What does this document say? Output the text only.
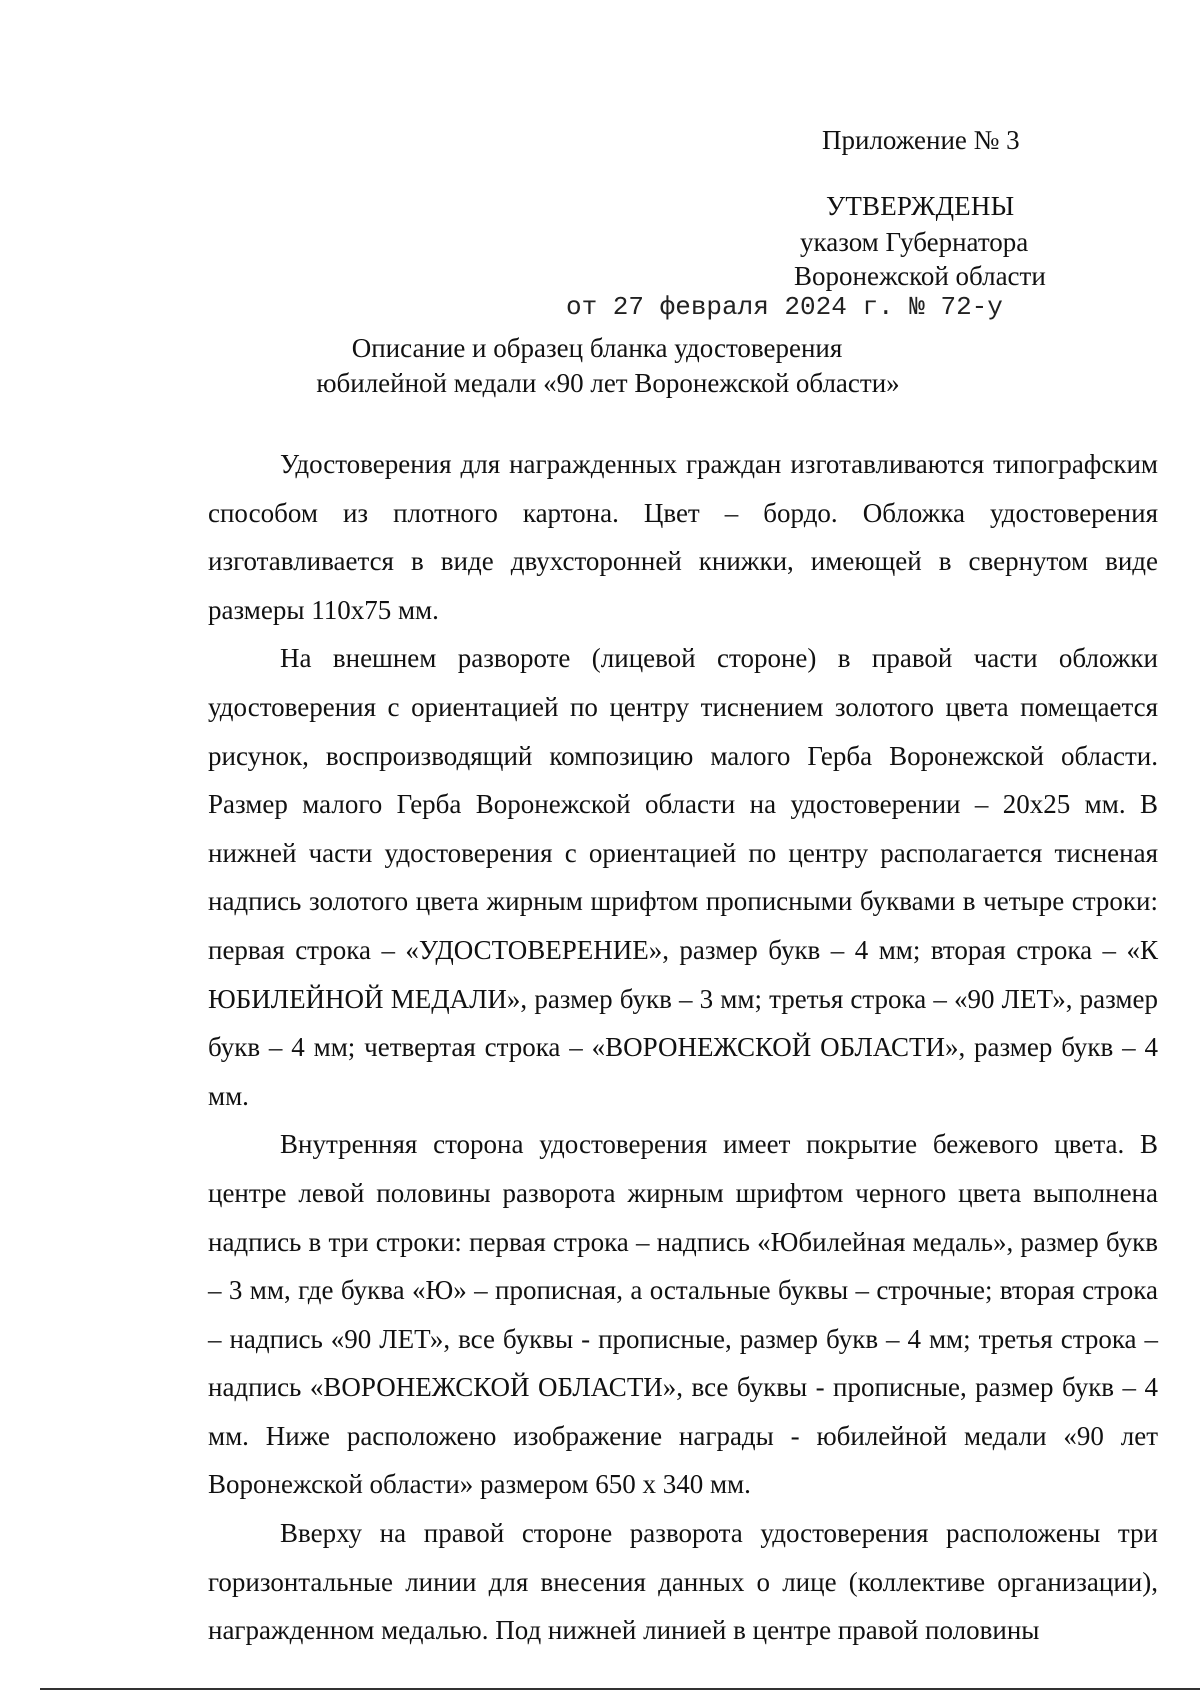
Приложение № 3
УТВЕРЖДЕНЫ
указом Губернатора
Воронежской области
от 27 февраля 2024 г. № 72-у
Описание и образец бланка удостоверения
юбилейной медали «90 лет Воронежской области»

Удостоверения для награжденных граждан изготавливаются типографским способом из плотного картона. Цвет – бордо. Обложка удостоверения изготавливается в виде двухсторонней книжки, имеющей в свернутом виде размеры 110х75 мм.

На внешнем развороте (лицевой стороне) в правой части обложки удостоверения с ориентацией по центру тиснением золотого цвета помещается рисунок, воспроизводящий композицию малого Герба Воронежской области. Размер малого Герба Воронежской области на удостоверении – 20х25 мм. В нижней части удостоверения с ориентацией по центру располагается тисненая надпись золотого цвета жирным шрифтом прописными буквами в четыре строки: первая строка – «УДОСТОВЕРЕНИЕ», размер букв – 4 мм; вторая строка – «К ЮБИЛЕЙНОЙ МЕДАЛИ», размер букв – 3 мм; третья строка – «90 ЛЕТ», размер букв – 4 мм; четвертая строка – «ВОРОНЕЖСКОЙ ОБЛАСТИ», размер букв – 4 мм.

Внутренняя сторона удостоверения имеет покрытие бежевого цвета. В центре левой половины разворота жирным шрифтом черного цвета выполнена надпись в три строки: первая строка – надпись «Юбилейная медаль», размер букв – 3 мм, где буква «Ю» – прописная, а остальные буквы – строчные; вторая строка – надпись «90 ЛЕТ», все буквы - прописные, размер букв – 4 мм; третья строка – надпись «ВОРОНЕЖСКОЙ ОБЛАСТИ», все буквы - прописные, размер букв – 4 мм. Ниже расположено изображение награды - юбилейной медали «90 лет Воронежской области» размером 650 х 340 мм.

Вверху на правой стороне разворота удостоверения расположены три горизонтальные линии для внесения данных о лице (коллективе организации), награжденном медалью. Под нижней линией в центре правой половины
